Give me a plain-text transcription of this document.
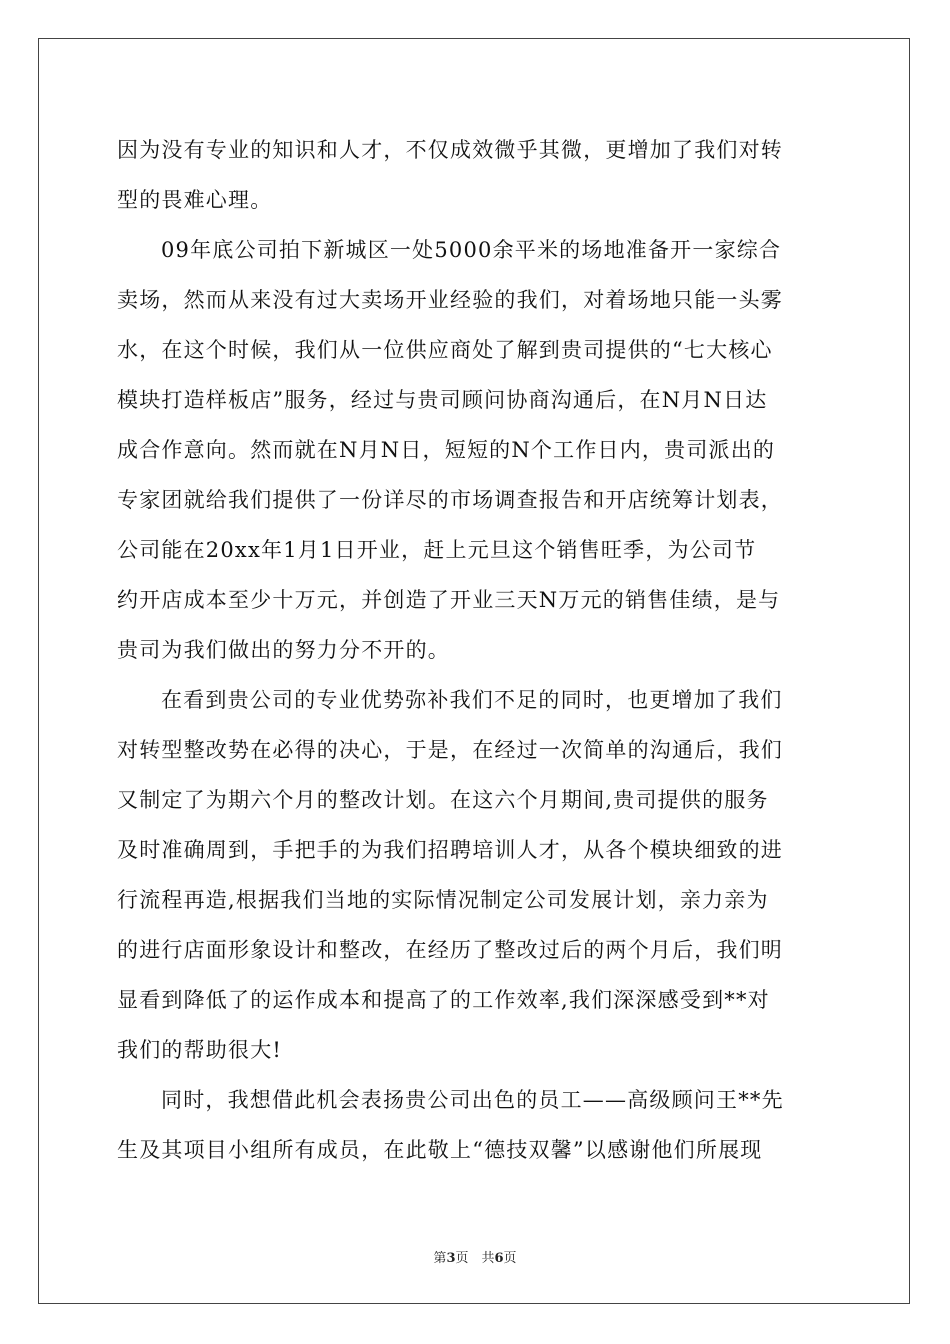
因为没有专业的知识和人才，不仅成效微乎其微，更增加了我们对转
型的畏难心理。
09年底公司拍下新城区一处5000余平米的场地准备开一家综合
卖场，然而从来没有过大卖场开业经验的我们，对着场地只能一头雾
水，在这个时候，我们从一位供应商处了解到贵司提供的“七大核心
模块打造样板店”服务，经过与贵司顾问协商沟通后，在N月N日达
成合作意向。然而就在N月N日，短短的N个工作日内，贵司派出的
专家团就给我们提供了一份详尽的市场调查报告和开店统筹计划表，
公司能在20xx年1月1日开业，赶上元旦这个销售旺季，为公司节
约开店成本至少十万元，并创造了开业三天N万元的销售佳绩，是与
贵司为我们做出的努力分不开的。
在看到贵公司的专业优势弥补我们不足的同时，也更增加了我们
对转型整改势在必得的决心，于是，在经过一次简单的沟通后，我们
又制定了为期六个月的整改计划。在这六个月期间,贵司提供的服务
及时准确周到，手把手的为我们招聘培训人才，从各个模块细致的进
行流程再造,根据我们当地的实际情况制定公司发展计划，亲力亲为
的进行店面形象设计和整改，在经历了整改过后的两个月后，我们明
显看到降低了的运作成本和提高了的工作效率,我们深深感受到**对
我们的帮助很大!
同时，我想借此机会表扬贵公司出色的员工——高级顾问王**先
生及其项目小组所有成员，在此敬上“德技双馨”以感谢他们所展现
第3页　共6页
